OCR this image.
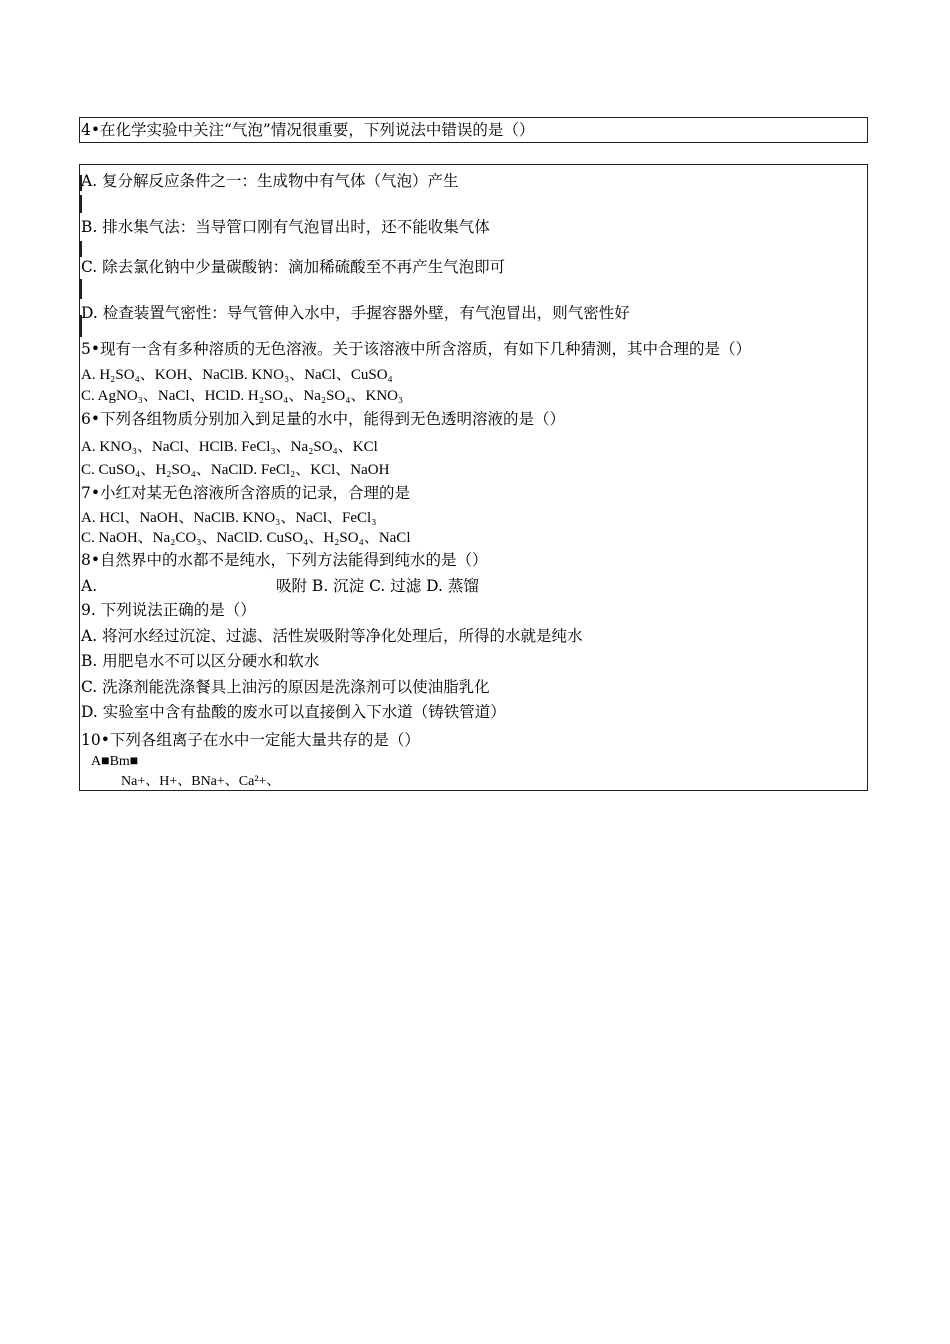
4•在化学实验中关注“气泡”情况很重要，下列说法中错误的是（）
A. 复分解反应条件之一：生成物中有气体（气泡）产生
B. 排水集气法：当导管口刚有气泡冒出时，还不能收集气体
C. 除去氯化钠中少量碳酸钠：滴加稀硫酸至不再产生气泡即可
D. 检查装置气密性：导气管伸入水中，手握容器外壁，有气泡冒出，则气密性好
5•现有一含有多种溶质的无色溶液。关于该溶液中所含溶质，有如下几种猜测，其中合理的是（）
A. H₂SO₄、KOH、NaClB. KNO₃、NaCl、CuSO₄
C. AgNO₃、NaCl、HClD. H₂SO₄、Na₂SO₄、KNO₃
6•下列各组物质分别加入到足量的水中，能得到无色透明溶液的是（）
A. KNO₃、NaCl、HClB. FeCl₃、Na₂SO₄、KCl
C. CuSO₄、H₂SO₄、NaClD. FeCl₂、KCl、NaOH
7•小红对某无色溶液所含溶质的记录，合理的是
A. HCl、NaOH、NaClB. KNO₃、NaCl、FeCl₃
C. NaOH、Na₂CO₃、NaClD. CuSO₄、H₂SO₄、NaCl
8•自然界中的水都不是纯水，下列方法能得到纯水的是（）
A.	吸附 B. 沉淀 C. 过滤 D. 蒸馏
9. 下列说法正确的是（）
A. 将河水经过沉淀、过滤、活性炭吸附等净化处理后，所得的水就是纯水
B. 用肥皂水不可以区分硬水和软水
C. 洗涤剂能洗涤餐具上油污的原因是洗涤剂可以使油脂乳化
D. 实验室中含有盐酸的废水可以直接倒入下水道（铸铁管道）
10•下列各组离子在水中一定能大量共存的是（）
A■Bm■
Na+、H+、BNa+、Ca²+、
